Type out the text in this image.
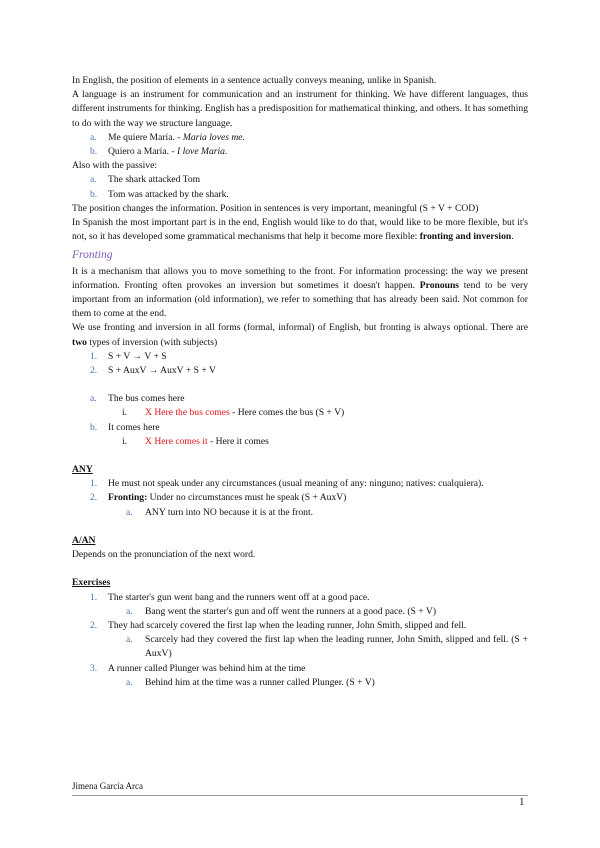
In English, the position of elements in a sentence actually conveys meaning, unlike in Spanish.

A language is an instrument for communication and an instrument for thinking. We have different languages, thus different instruments for thinking. English has a predisposition for mathematical thinking, and others. It has something to do with the way we structure language.

a. Me quiere María. - Maria loves me.
b. Quiero a María. - I love Maria.

Also with the passive:

a. The shark attacked Tom
b. Tom was attacked by the shark.

The position changes the information. Position in sentences is very important, meaningful (S + V + COD)

In Spanish the most important part is in the end, English would like to do that, would like to be more flexible, but it's not, so it has developed some grammatical mechanisms that help it become more flexible: fronting and inversion.

Fronting

It is a mechanism that allows you to move something to the front. For information processing: the way we present information. Fronting often provokes an inversion but sometimes it doesn't happen. Pronouns tend to be very important from an information (old information), we refer to something that has already been said. Not common for them to come at the end.

We use fronting and inversion in all forms (formal, informal) of English, but fronting is always optional. There are two types of inversion (with subjects)

1. S + V → V + S
2. S + AuxV → AuxV + S + V
a. The bus comes here
i. X Here the bus comes - Here comes the bus (S + V)
b. It comes here
i. X Here comes it - Here it comes
ANY
1. He must not speak under any circumstances (usual meaning of any: ninguno; natives: cualquiera).

2. Fronting: Under no circumstances must he speak (S + AuxV)
a. ANY turn into NO because it is at the front.
A/AN

Depends on the pronunciation of the next word.

Exercises
1. The starter's gun went bang and the runners went off at a good pace.
a. Bang went the starter's gun and off went the runners at a good pace. (S + V)

2. They had scarcely covered the first lap when the leading runner, John Smith, slipped and fell.
a. Scarcely had they covered the first lap when the leading runner, John Smith, slipped and fell. (S + AuxV)

3. A runner called Plunger was behind him at the time
a. Behind him at the time was a runner called Plunger. (S + V)
Jimena García Arca
1
